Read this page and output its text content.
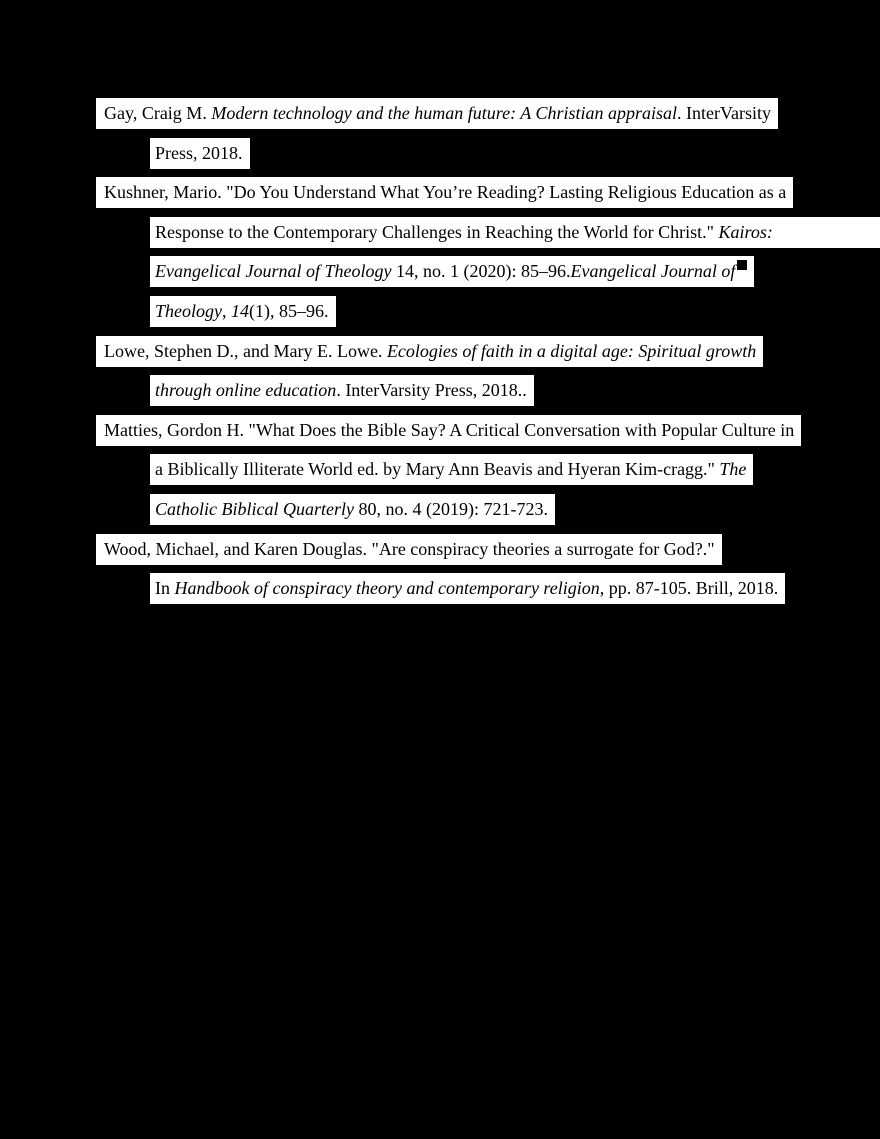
Gay, Craig M. Modern technology and the human future: A Christian appraisal. InterVarsity
Press, 2018.
Kushner, Mario. "Do You Understand What You’re Reading? Lasting Religious Education as a
Response to the Contemporary Challenges in Reaching the World for Christ." Kairos:
Evangelical Journal of Theology 14, no. 1 (2020): 85–96.Evangelical Journal of
Theology, 14(1), 85–96.
Lowe, Stephen D., and Mary E. Lowe. Ecologies of faith in a digital age: Spiritual growth
through online education. InterVarsity Press, 2018..
Matties, Gordon H. "What Does the Bible Say? A Critical Conversation with Popular Culture in
a Biblically Illiterate World ed. by Mary Ann Beavis and Hyeran Kim-cragg." The
Catholic Biblical Quarterly 80, no. 4 (2019): 721-723.
Wood, Michael, and Karen Douglas. "Are conspiracy theories a surrogate for God?."
In Handbook of conspiracy theory and contemporary religion, pp. 87-105. Brill, 2018.
